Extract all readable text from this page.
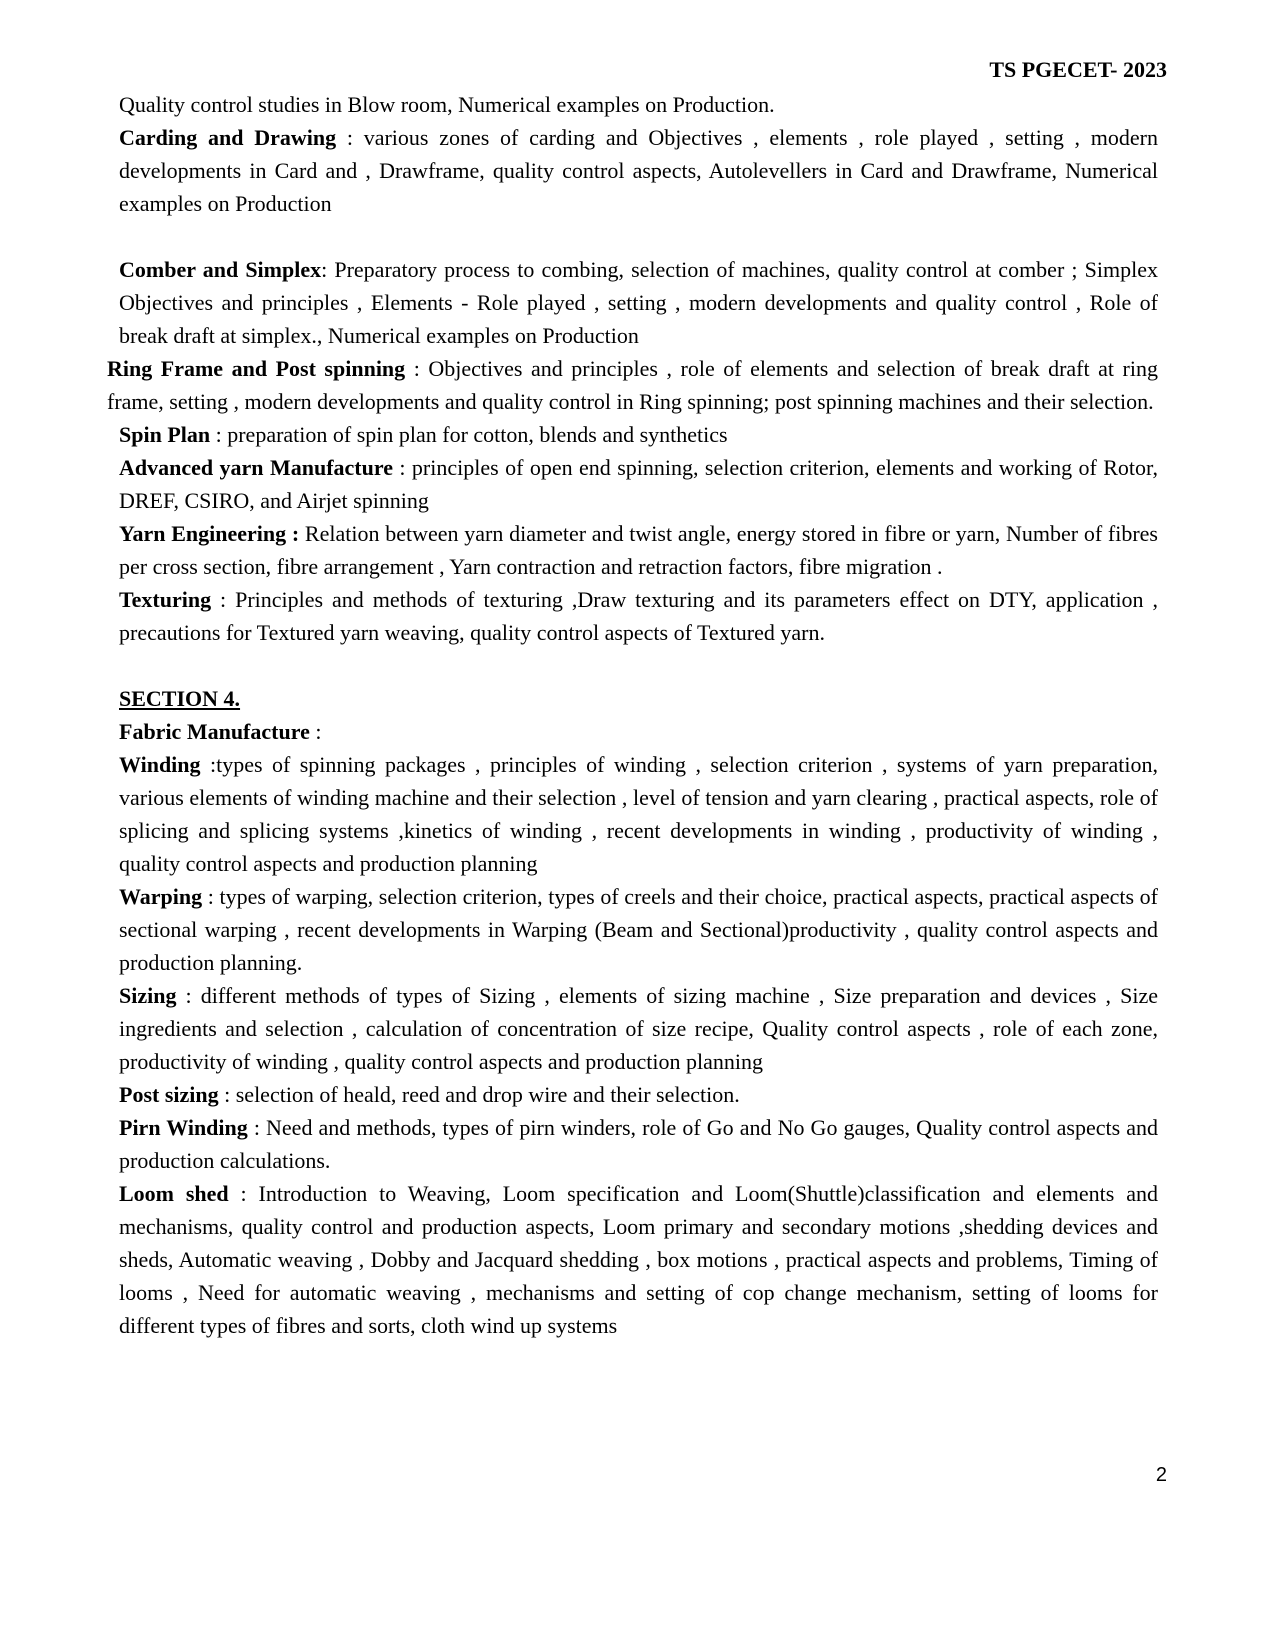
TS PGECET- 2023

Quality control studies in Blow room, Numerical examples on Production.

Carding and Drawing : various zones of carding and Objectives , elements , role played , setting , modern developments in Card and , Drawframe, quality control aspects, Autolevellers in Card and Drawframe, Numerical examples on Production

Comber and Simplex: Preparatory process to combing, selection of machines, quality control at comber ; Simplex Objectives and principles , Elements - Role played , setting , modern developments and quality control , Role of break draft at simplex., Numerical examples on Production

Ring Frame and Post spinning : Objectives and principles , role of elements and selection of break draft at ring frame, setting , modern developments and quality control in Ring spinning; post spinning machines and their selection.

Spin Plan : preparation of spin plan for cotton, blends and synthetics

Advanced yarn Manufacture : principles of open end spinning, selection criterion, elements and working of Rotor, DREF, CSIRO, and Airjet spinning

Yarn Engineering : Relation between yarn diameter and twist angle, energy stored in fibre or yarn, Number of fibres per cross section, fibre arrangement , Yarn contraction and retraction factors, fibre migration .

Texturing : Principles and methods of texturing ,Draw texturing and its parameters effect on DTY, application , precautions for Textured yarn weaving, quality control aspects of Textured yarn.

SECTION 4.

Fabric Manufacture :

Winding :types of spinning packages , principles of winding , selection criterion , systems of yarn preparation, various elements of winding machine and their selection , level of tension and yarn clearing , practical aspects, role of splicing and splicing systems ,kinetics of winding , recent developments in winding , productivity of winding , quality control aspects and production planning

Warping : types of warping, selection criterion, types of creels and their choice, practical aspects, practical aspects of sectional warping , recent developments in Warping (Beam and Sectional)productivity , quality control aspects and production planning.

Sizing : different methods of types of Sizing , elements of sizing machine , Size preparation and devices , Size ingredients and selection , calculation of concentration of size recipe, Quality control aspects , role of each zone, productivity of winding , quality control aspects and production planning

Post sizing : selection of heald, reed and drop wire and their selection.

Pirn Winding : Need and methods, types of pirn winders, role of Go and No Go gauges, Quality control aspects and production calculations.

Loom shed : Introduction to Weaving, Loom specification and Loom(Shuttle)classification and elements and mechanisms, quality control and production aspects, Loom primary and secondary motions ,shedding devices and sheds, Automatic weaving , Dobby and Jacquard shedding , box motions , practical aspects and problems, Timing of looms , Need for automatic weaving , mechanisms and setting of cop change mechanism, setting of looms for different types of fibres and sorts, cloth wind up systems

2
